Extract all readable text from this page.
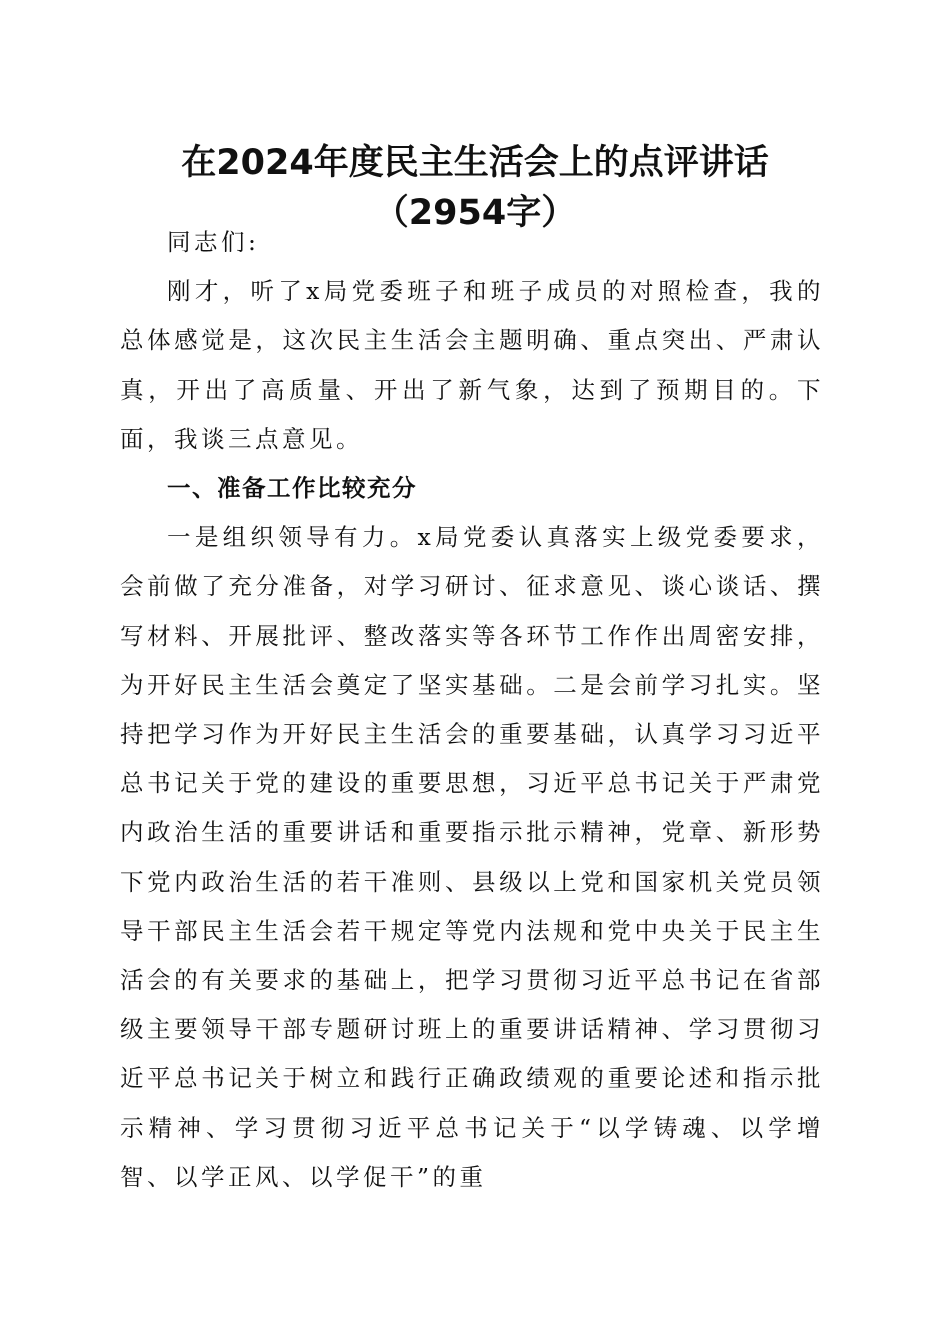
在2024年度民主生活会上的点评讲话（2954字）

同志们:

刚才，听了x局党委班子和班子成员的对照检查，我的总体感觉是，这次民主生活会主题明确、重点突出、严肃认真，开出了高质量、开出了新气象，达到了预期目的。下面，我谈三点意见。

一、准备工作比较充分

一是组织领导有力。x局党委认真落实上级党委要求，会前做了充分准备，对学习研讨、征求意见、谈心谈话、撰写材料、开展批评、整改落实等各环节工作作出周密安排，为开好民主生活会奠定了坚实基础。二是会前学习扎实。坚持把学习作为开好民主生活会的重要基础，认真学习习近平总书记关于党的建设的重要思想，习近平总书记关于严肃党内政治生活的重要讲话和重要指示批示精神，党章、新形势下党内政治生活的若干准则、县级以上党和国家机关党员领导干部民主生活会若干规定等党内法规和党中央关于民主生活会的有关要求的基础上，把学习贯彻习近平总书记在省部级主要领导干部专题研讨班上的重要讲话精神、学习贯彻习近平总书记关于树立和践行正确政绩观的重要论述和指示批示精神、学习贯彻习近平总书记关于“以学铸魂、以学增智、以学正风、以学促干”的重
